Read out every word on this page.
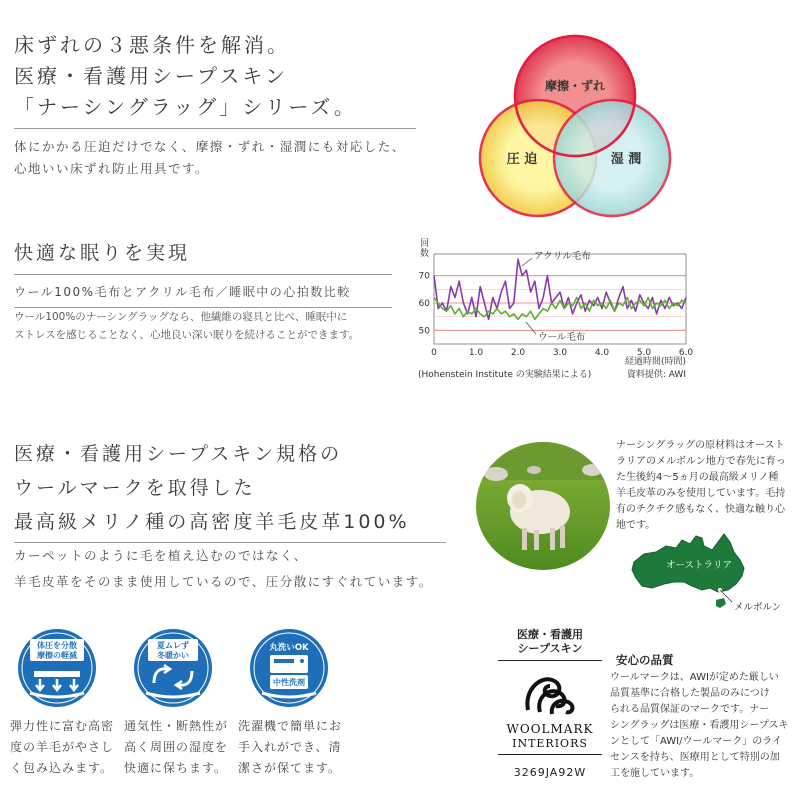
床ずれの３悪条件を解消。
医療・看護用シープスキン
「ナーシングラッグ」シリーズ。
体にかかる圧迫だけでなく、摩擦・ずれ・湿潤にも対応した、
心地いい床ずれ防止用具です。
摩擦・ずれ
圧 迫	湿 潤
快適な眠りを実現
ウール100%毛布とアクリル毛布／睡眠中の心拍数比較
ウール100%のナーシングラッグなら、他繊維の寝具と比べ、睡眠中に
ストレスを感じることなく、心地良い深い眠りを続けることができます。	50
60
70
0	1.0	2.0	3.0	4.0	5.0	6.0
回
数
経過時間(時間)
資料提供: AWI
(Hohenstein Institute の実験結果による)
アクリル毛布
ウール毛布
医療・看護用シープスキン規格の
ウールマークを取得した
最高級メリノ種の高密度羊毛皮革100%
カーペットのように毛を植え込むのではなく、
羊毛皮革をそのまま使用しているので、圧分散にすぐれています。
ナーシングラッグの原材料はオースト
ラリアのメルボルン地方で春先に育っ
た生後約4〜5ヵ月の最高級メリノ種
羊毛皮革のみを使用しています。毛持
有のチクチク感もなく、快適な触り心
地です。
オーストラリア
メルボルン
体圧を分散
摩擦の軽減
夏ムレず
冬暖かい
丸洗いOK
中性洗剤
弾力性に富む高密
度の羊毛がやさし
く包み込みます。
通気性・断熱性が
高く周囲の湿度を
快適に保ちます。
洗濯機で簡単にお
手入れができ、清
潔さが保てます。
医療・看護用
シープスキン
WOOLMARK
INTERIORS
3269JA92W
安心の品質
ウールマークは、AWIが定めた厳しい
品質基準に合格した製品のみにつけ
られる品質保証のマークです。ナー
シングラッグは医療・看護用シープスキ
ンとして「AWI/ウールマーク」のライ
センスを持ち、医療用として特別の加
工を施しています。
